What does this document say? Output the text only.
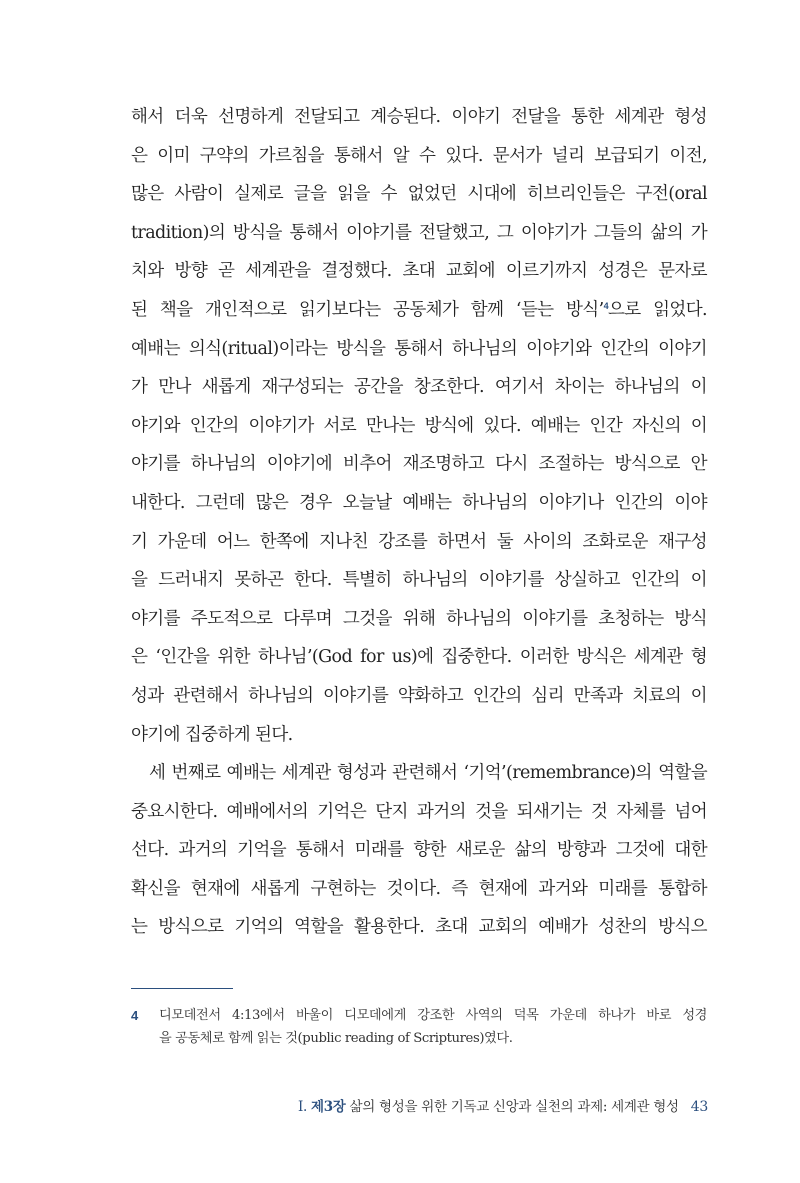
해서 더욱 선명하게 전달되고 계승된다. 이야기 전달을 통한 세계관 형성
은 이미 구약의 가르침을 통해서 알 수 있다. 문서가 널리 보급되기 이전,
많은 사람이 실제로 글을 읽을 수 없었던 시대에 히브리인들은 구전(oral
tradition)의 방식을 통해서 이야기를 전달했고, 그 이야기가 그들의 삶의 가
치와 방향 곧 세계관을 결정했다. 초대 교회에 이르기까지 성경은 문자로
된 책을 개인적으로 읽기보다는 공동체가 함께 ‘듣는 방식’$^4$으로 읽었다.
예배는 의식(ritual)이라는 방식을 통해서 하나님의 이야기와 인간의 이야기
가 만나 새롭게 재구성되는 공간을 창조한다. 여기서 차이는 하나님의 이
야기와 인간의 이야기가 서로 만나는 방식에 있다. 예배는 인간 자신의 이
야기를 하나님의 이야기에 비추어 재조명하고 다시 조절하는 방식으로 안
내한다. 그런데 많은 경우 오늘날 예배는 하나님의 이야기나 인간의 이야
기 가운데 어느 한쪽에 지나친 강조를 하면서 둘 사이의 조화로운 재구성
을 드러내지 못하곤 한다. 특별히 하나님의 이야기를 상실하고 인간의 이
야기를 주도적으로 다루며 그것을 위해 하나님의 이야기를 초청하는 방식
은 ‘인간을 위한 하나님’(God for us)에 집중한다. 이러한 방식은 세계관 형
성과 관련해서 하나님의 이야기를 약화하고 인간의 심리 만족과 치료의 이
야기에 집중하게 된다.
세 번째로 예배는 세계관 형성과 관련해서 ‘기억’(remembrance)의 역할을
중요시한다. 예배에서의 기억은 단지 과거의 것을 되새기는 것 자체를 넘어
선다. 과거의 기억을 통해서 미래를 향한 새로운 삶의 방향과 그것에 대한
확신을 현재에 새롭게 구현하는 것이다. 즉 현재에 과거와 미래를 통합하
는 방식으로 기억의 역할을 활용한다. 초대 교회의 예배가 성찬의 방식으
4	디모데전서 4:13에서 바울이 디모데에게 강조한 사역의 덕목 가운데 하나가 바로 성경
을 공동체로 함께 읽는 것(public reading of Scriptures)였다.
I. 제3장 삶의 형성을 위한 기독교 신앙과 실천의 과제: 세계관 형성 43
